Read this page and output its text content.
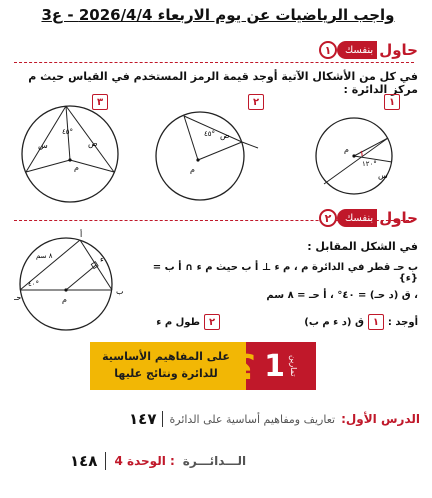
واجب الرياضيات عن يوم الاربعاء 2026/4/4 - ع3
١	بنفسك حاول
في كل من الأشكال الآتية أوجد قيمة الرمز المستخدم في القياس حيث م مركز الدائرة :
١
٢
٣
م
١٢٠°
س
م
٤٥° ص
م
٤٥°
س	ص
٢	بنفسك حاول
في الشكل المقابل :
ب حـ قطر في الدائرة م ، م ء ⊥ أ ب حيث م ء ∩ أ ب = {ء}
، ق (د حـ) = ٤٠° ، أ حـ = ٨ سم
أوجد :
١
ق (د ء م ب)
٢
طول م ء
أ
ب
حـ	م
ء
٨ سم
٤٠°
على المفاهيم الأساسية
للدائرة ونتائج عليها ؟ 1 تمارين
الدرس الأول:
تعاريف ومفاهيم أساسية على الدائرة
١٤٧
١٤٨ الوحدة 4 : الـــدائـــرة
